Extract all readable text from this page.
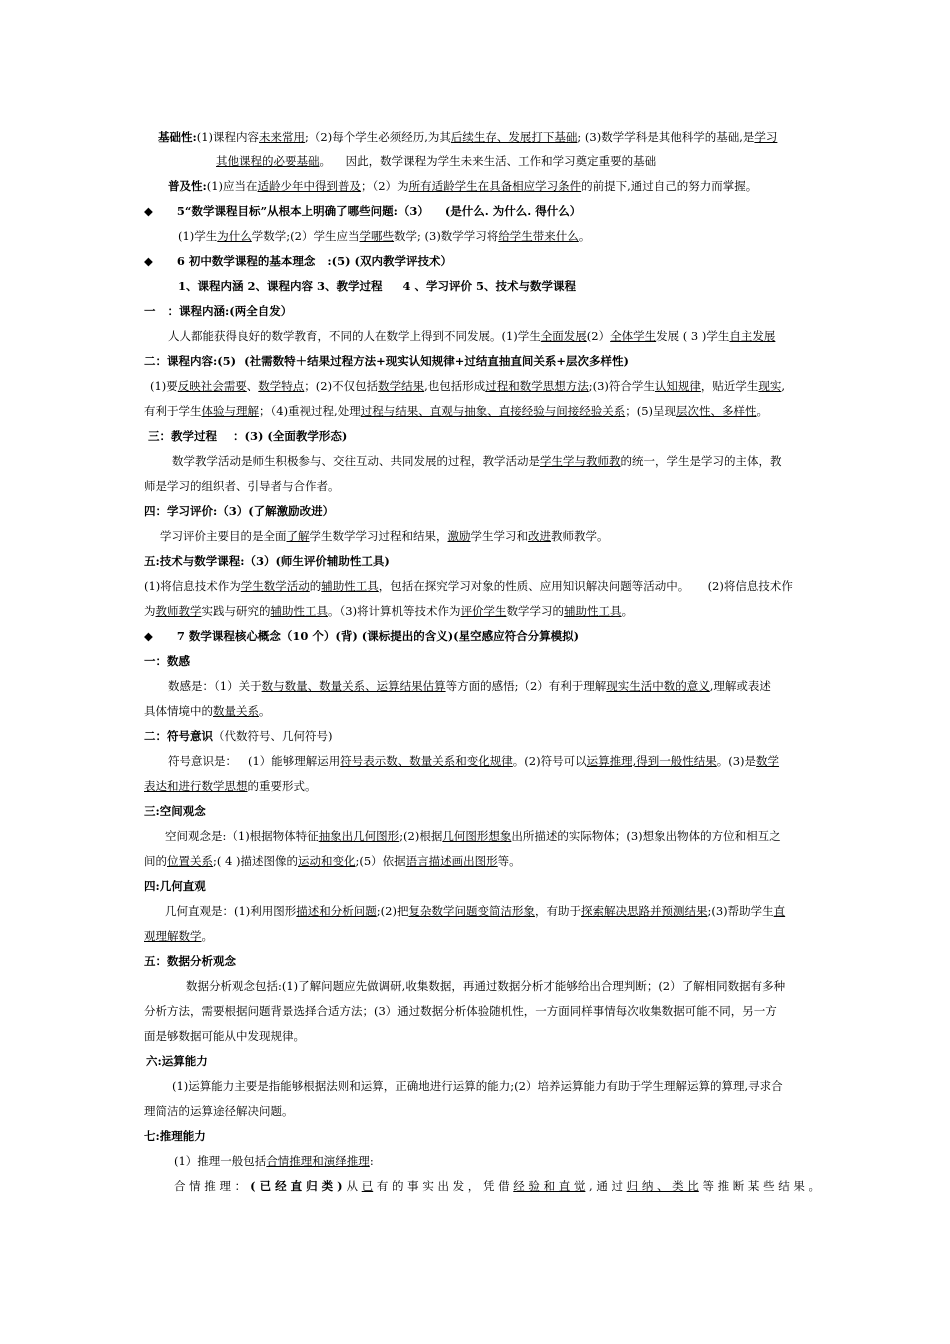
基础性:(1)课程内容未来常用;（2)每个学生必须经历,为其后续生存、发展打下基础; (3)数学学科是其他科学的基础,是学习
其他课程的必要基础。    因此，数学课程为学生未来生活、工作和学习奠定重要的基础
普及性:(1)应当在适龄少年中得到普及；（2）为所有适龄学生在具备相应学习条件的前提下,通过自己的努力而掌握。
◆      5“数学课程目标”从根本上明确了哪些问题:（3）    (是什么. 为什么. 得什么）
(1)学生为什么学数学;(2）学生应当学哪些数学; (3)数学学习将给学生带来什么。
◆      6 初中数学课程的基本理念   :(5) (双内教学评技术）
1、课程内涵 2、课程内容 3、教学过程     4 、学习评价 5、技术与数学课程
一   ：课程内涵:(两全自发）
人人都能获得良好的数学教育，不同的人在数学上得到不同发展。(1)学生全面发展(2）全体学生发展 ( 3 )学生自主发展
二：课程内容:(5)  (社需数特＋结果过程方法+现实认知规律+过结直抽直间关系+层次多样性)
(1)要反映社会需要、数学特点；(2)不仅包括数学结果,也包括形成过程和数学思想方法;(3)符合学生认知规律，贴近学生现实,
有利于学生体验与理解；（4)重视过程,处理过程与结果、直观与抽象、直接经验与间接经验关系；(5)呈现层次性、多样性。
三：教学过程    ：(3) (全面教学形态)
数学教学活动是师生积极参与、交往互动、共同发展的过程，教学活动是学生学与教师教的统一，学生是学习的主体，教
师是学习的组织者、引导者与合作者。
四：学习评价:（3）(了解激励改进）
学习评价主要目的是全面了解学生数学学习过程和结果，激励学生学习和改进教师教学。
五:技术与数学课程:（3）(师生评价辅助性工具)
(1)将信息技术作为学生数学活动的辅助性工具，包括在探究学习对象的性质、应用知识解决问题等活动中。     (2)将信息技术作
为教师教学实践与研究的辅助性工具。（3)将计算机等技术作为评价学生数学学习的辅助性工具。
◆      7 数学课程核心概念（10 个）(背) (课标提出的含义)(星空感应符合分算模拟)
一：数感
数感是：（1）关于数与数量、数量关系、运算结果估算等方面的感悟;（2）有利于理解现实生活中数的意义,理解或表述
具体情境中的数量关系。
二：符号意识（代数符号、几何符号)
符号意识是：   (1）能够理解运用符号表示数、数量关系和变化规律。(2)符号可以运算推理,得到一般性结果。(3)是数学
表达和进行数学思想的重要形式。
三:空间观念
空间观念是:（1)根据物体特征抽象出几何图形;(2)根据几何图形想象出所描述的实际物体；(3)想象出物体的方位和相互之
间的位置关系;( 4 )描述图像的运动和变化;(5）依据语言描述画出图形等。
四:几何直观
几何直观是：(1)利用图形描述和分析问题;(2)把复杂数学问题变简洁形象，有助于探索解决思路并预测结果;(3)帮助学生直
观理解数学。
五：数据分析观念
数据分析观念包括:(1)了解问题应先做调研,收集数据，再通过数据分析才能够给出合理判断；(2）了解相同数据有多种
分析方法，需要根据问题背景选择合适方法；(3）通过数据分析体验随机性，一方面同样事情每次收集数据可能不同，另一方
面是够数据可能从中发现规律。
六:运算能力
(1)运算能力主要是指能够根据法则和运算，正确地进行运算的能力;(2）培养运算能力有助于学生理解运算的算理,寻求合
理简洁的运算途径解决问题。
七:推理能力
(1）推理一般包括合情推理和演绎推理:
合 情 推 理 ： ( 已 经 直 归 类 ) 从 已 有 的 事 实 出 发 ， 凭 借 经 验 和 直 觉 , 通 过 归 纳 、 类 比 等 推 断 某 些 结 果 。
